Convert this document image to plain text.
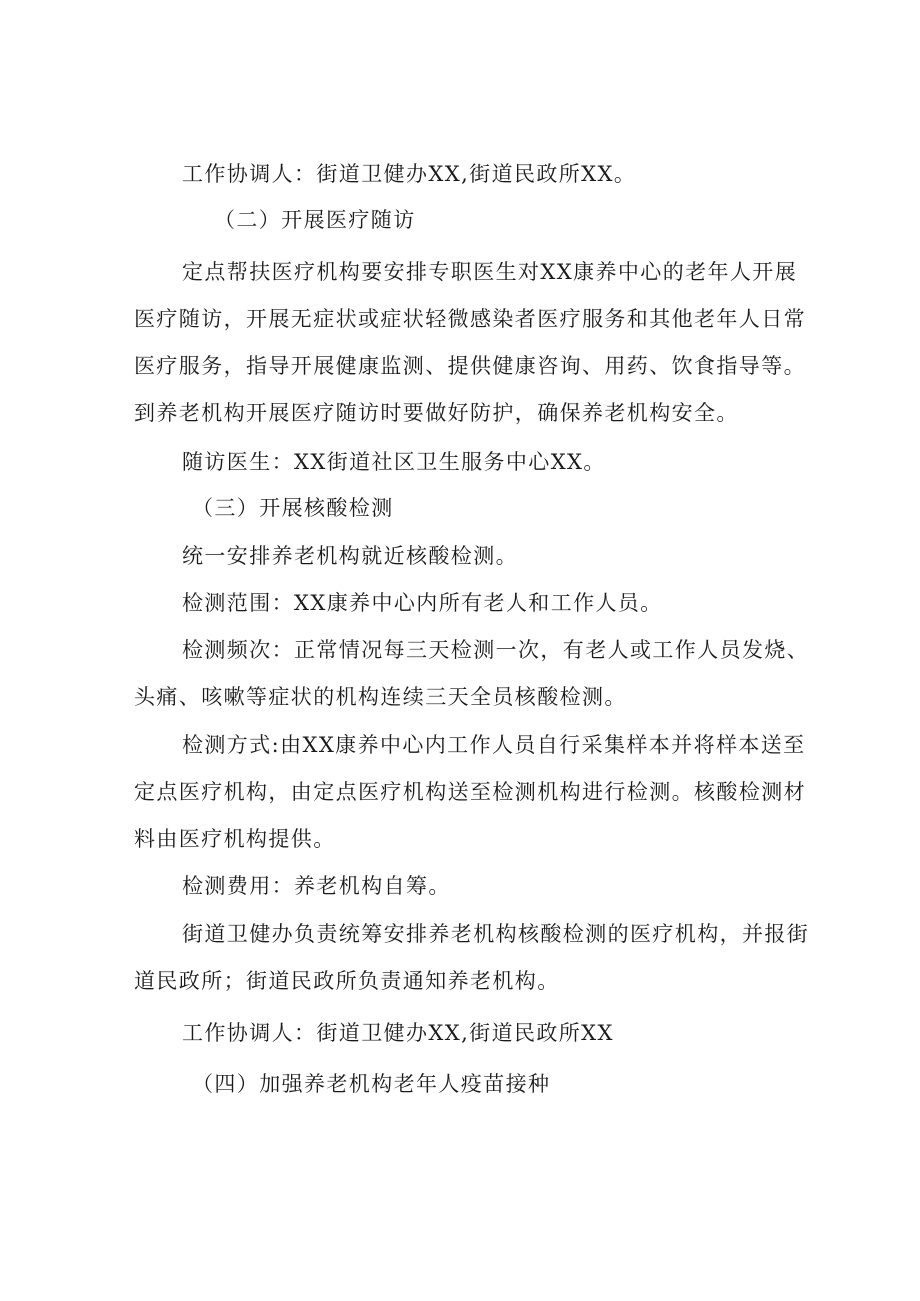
工作协调人：街道卫健办XX,街道民政所XX。
（二）开展医疗随访
定点帮扶医疗机构要安排专职医生对XX康养中心的老年人开展
医疗随访，开展无症状或症状轻微感染者医疗服务和其他老年人日常
医疗服务，指导开展健康监测、提供健康咨询、用药、饮食指导等。
到养老机构开展医疗随访时要做好防护，确保养老机构安全。
随访医生：XX街道社区卫生服务中心XX。
（三）开展核酸检测
统一安排养老机构就近核酸检测。
检测范围：XX康养中心内所有老人和工作人员。
检测频次：正常情况每三天检测一次，有老人或工作人员发烧、
头痛、咳嗽等症状的机构连续三天全员核酸检测。
检测方式:由XX康养中心内工作人员自行采集样本并将样本送至
定点医疗机构，由定点医疗机构送至检测机构进行检测。核酸检测材
料由医疗机构提供。
检测费用：养老机构自筹。
街道卫健办负责统筹安排养老机构核酸检测的医疗机构，并报街
道民政所；街道民政所负责通知养老机构。
工作协调人：街道卫健办XX,街道民政所XX
（四）加强养老机构老年人疫苗接种
